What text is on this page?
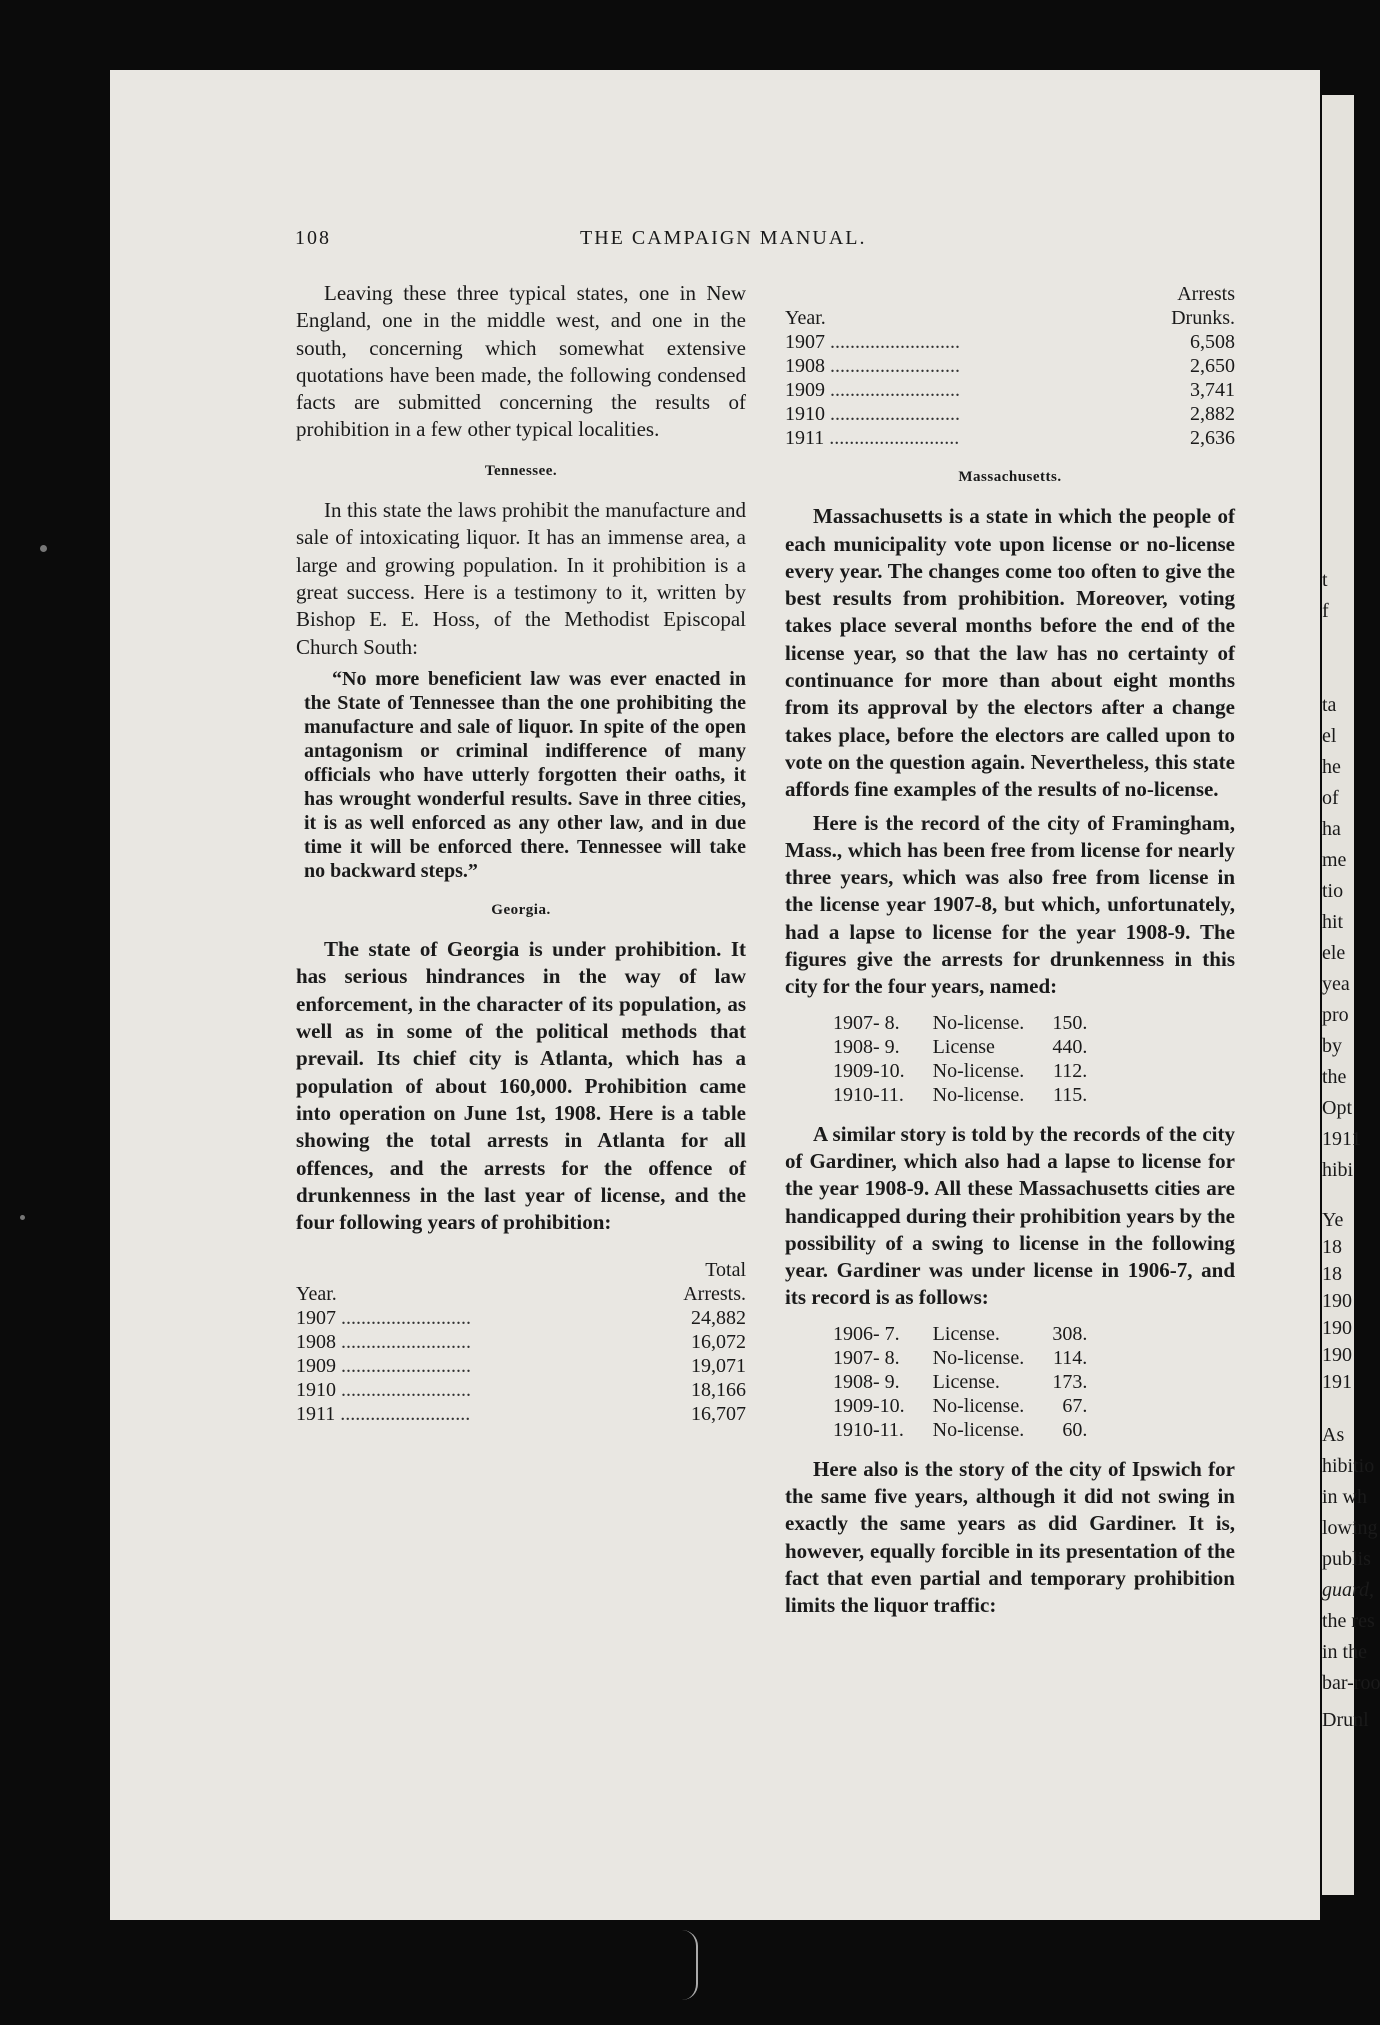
108	THE CAMPAIGN MANUAL.

Leaving these three typical states, one in New England, one in the middle west, and one in the south, concerning which somewhat extensive quotations have been made, the following condensed facts are submitted concerning the results of prohibition in a few other typical localities.

Tennessee.

In this state the laws prohibit the manufacture and sale of intoxicating liquor. It has an immense area, a large and growing population. In it prohibition is a great success. Here is a testimony to it, written by Bishop E. E. Hoss, of the Methodist Episcopal Church South:

“No more beneficient law was ever enacted in the State of Tennessee than the one prohibiting the manufacture and sale of liquor. In spite of the open antagonism or criminal indifference of many officials who have utterly forgotten their oaths, it has wrought wonderful results. Save in three cities, it is as well enforced as any other law, and in due time it will be enforced there. Tennessee will take no backward steps.”

Georgia.

The state of Georgia is under prohibition. It has serious hindrances in the way of law enforcement, in the character of its population, as well as in some of the political methods that prevail. Its chief city is Atlanta, which has a population of about 160,000. Prohibition came into operation on June 1st, 1908. Here is a table showing the total arrests in Atlanta for all offences, and the arrests for the offence of drunkenness in the last year of license, and the four following years of prohibition:

	Total
Year.	Arrests.
1907 ..........................	24,882
1908 ..........................	16,072
1909 ..........................	19,071
1910 ..........................	18,166
1911 ..........................	16,707
	Arrests
Year.	Drunks.
1907 ..........................	6,508
1908 ..........................	2,650
1909 ..........................	3,741
1910 ..........................	2,882
1911 ..........................	2,636
Massachusetts.

Massachusetts is a state in which the people of each municipality vote upon license or no-license every year. The changes come too often to give the best results from prohibition. Moreover, voting takes place several months before the end of the license year, so that the law has no certainty of continuance for more than about eight months from its approval by the electors after a change takes place, before the electors are called upon to vote on the question again. Nevertheless, this state affords fine examples of the results of no-license.

Here is the record of the city of Framingham, Mass., which has been free from license for nearly three years, which was also free from license in the license year 1907-8, but which, unfortunately, had a lapse to license for the year 1908-9. The figures give the arrests for drunkenness in this city for the four years, named:

1907- 8.	No-license.	150.
1908- 9.	License	440.
1909-10.	No-license.	112.
1910-11.	No-license.	115.

A similar story is told by the records of the city of Gardiner, which also had a lapse to license for the year 1908-9. All these Massachusetts cities are handicapped during their prohibition years by the possibility of a swing to license in the following year. Gardiner was under license in 1906-7, and its record is as follows:

1906- 7.	License.	308.
1907- 8.	No-license.	114.
1908- 9.	License.	173.
1909-10.	No-license.	67.
1910-11.	No-license.	60.

Here also is the story of the city of Ipswich for the same five years, although it did not swing in exactly the same years as did Gardiner. It is, however, equally forcible in its presentation of the fact that even partial and temporary prohibition limits the liquor traffic:

t
f
ta
el
he
of
ha
me
tio
hit
ele
yea
pro
by
the
Opt
1911
hibi
Ye
18
18
190
190
190
191
As
hibitio
in wh
lowing
publis
guard,
the res
in the
bar-roo
Drunl
